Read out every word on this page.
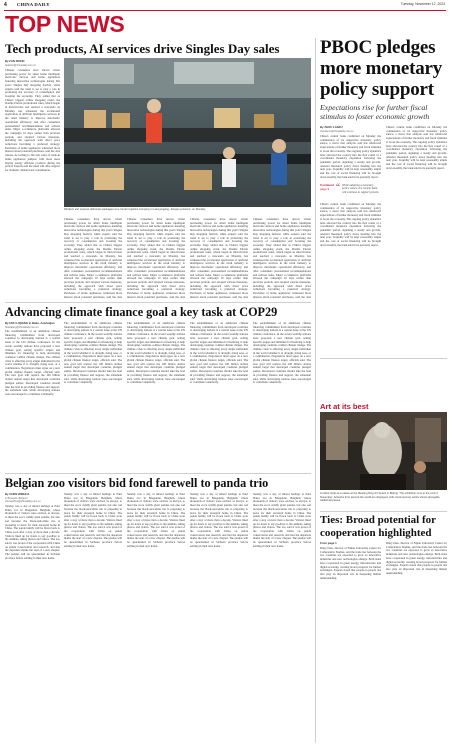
4 CHINA DAILY	Tuesday, November 12, 2024
TOP NEWS
Tech products, AI services drive Singles Day sales
By FAN FEIFEI
fanfeifei@chinadaily.com.cn
Chinese consumers have shown robust purchasing power for smart home intelligent electronic devices and home appliances featuring innovative technologies during this year's Singles Day shopping festival, while experts said the trend is set to play a role in promoting the recovery of consumption and boosting the economy. They added that as China's biggest online shopping event, the Double Eleven promotional sales, which began in mid-October and reached a crescendo on Monday, has witnessed the accelerated application of artificial intelligence services in the retail industry to improve merchants' operational efficiency, and offer consumers personalized recommendations and tedious tasks. Major e-commerce platforms allowed the campaign 10 days earlier than previous periods, and adopted various measures, including the approach with direct price reductions becoming a preferred strategy. Purchases of home appliances witnessed more interest about potential purchases, said the data release. According to JD.com, sales of trade-in home appliances jumped, with more users buying energy efficient products during the period. Experts said the trend will offer support for domestic demand and consumption.
Workers sort express deliveries packages at a courier logistics company in Lianyungang, Jiangsu province, on Monday.
Chinese consumers have shown robust purchasing power for smart home intelligent electronic devices and home appliances featuring innovative technologies during this year's Singles Day shopping festival, while experts said the trend is set to play a role in promoting the recovery of consumption and boosting the economy. They added that as China's biggest online shopping event, the Double Eleven promotional sales, which began in mid-October and reached a crescendo on Monday, has witnessed the accelerated application of artificial intelligence services in the retail industry to improve merchants' operational efficiency, and offer consumers personalized recommendations and tedious tasks. Major e-commerce platforms allowed the campaign 10 days earlier than previous periods, and adopted various measures, including the approach with direct price reductions becoming a preferred strategy. Purchases of home appliances witnessed more interest about potential purchases, said the data
Chinese consumers have shown robust purchasing power for smart home intelligent electronic devices and home appliances featuring innovative technologies during this year's Singles Day shopping festival, while experts said the trend is set to play a role in promoting the recovery of consumption and boosting the economy. They added that as China's biggest online shopping event, the Double Eleven promotional sales, which began in mid-October and reached a crescendo on Monday, has witnessed the accelerated application of artificial intelligence services in the retail industry to improve merchants' operational efficiency, and offer consumers personalized recommendations and tedious tasks. Major e-commerce platforms allowed the campaign 10 days earlier than previous periods, and adopted various measures, including the approach with direct price reductions becoming a preferred strategy. Purchases of home appliances witnessed more interest about potential purchases, said the data
Chinese consumers have shown robust purchasing power for smart home intelligent electronic devices and home appliances featuring innovative technologies during this year's Singles Day shopping festival, while experts said the trend is set to play a role in promoting the recovery of consumption and boosting the economy. They added that as China's biggest online shopping event, the Double Eleven promotional sales, which began in mid-October and reached a crescendo on Monday, has witnessed the accelerated application of artificial intelligence services in the retail industry to improve merchants' operational efficiency, and offer consumers personalized recommendations and tedious tasks. Major e-commerce platforms allowed the campaign 10 days earlier than previous periods, and adopted various measures, including the approach with direct price reductions becoming a preferred strategy. Purchases of home appliances witnessed more interest about potential purchases, said the data
Chinese consumers have shown robust purchasing power for smart home intelligent electronic devices and home appliances featuring innovative technologies during this year's Singles Day shopping festival, while experts said the trend is set to play a role in promoting the recovery of consumption and boosting the economy. They added that as China's biggest online shopping event, the Double Eleven promotional sales, which began in mid-October and reached a crescendo on Monday, has witnessed the accelerated application of artificial intelligence services in the retail industry to improve merchants' operational efficiency, and offer consumers personalized recommendations and tedious tasks. Major e-commerce platforms allowed the campaign 10 days earlier than previous periods, and adopted various measures, including the approach with direct price reductions becoming a preferred strategy. Purchases of home appliances witnessed more interest about potential purchases, said the data
Advancing climate finance goal a key task at COP29
By HOU LIQIANG in Baku, Azerbaijan
houliqiang@chinadaily.com.cn
The establishment of an ambitious climate financing commitment from developed countries to developing nations is a central issue at the UN climate conference. In the recent wealthy nations have proposed a new climate goal, setting specific targets and timelines for financing to help developing countries combat climate change. The climate crisis is affecting every single individual in the world whether it is drought, rising seas, or a combination. Negotiators must agree on a new global climate finance target, officials said. The new goal will replace the 100 billion dollars annual target that developed countries pledged earlier. Developed countries should take the lead in providing finance and support, the statement said, while developing nations were encouraged to contribute voluntarily.
The establishment of an ambitious climate financing commitment from developed countries to developing nations is a central issue at the UN climate conference. In the recent wealthy nations have proposed a new climate goal, setting specific targets and timelines for financing to help developing countries combat climate change. The climate crisis is affecting every single individual in the world whether it is drought, rising seas, or a combination. Negotiators must agree on a new global climate finance target, officials said. The new goal will replace the 100 billion dollars annual target that developed countries pledged earlier. Developed countries should take the lead in providing finance and support, the statement said, while developing nations were encouraged to contribute voluntarily.
The establishment of an ambitious climate financing commitment from developed countries to developing nations is a central issue at the UN climate conference. In the recent wealthy nations have proposed a new climate goal, setting specific targets and timelines for financing to help developing countries combat climate change. The climate crisis is affecting every single individual in the world whether it is drought, rising seas, or a combination. Negotiators must agree on a new global climate finance target, officials said. The new goal will replace the 100 billion dollars annual target that developed countries pledged earlier. Developed countries should take the lead in providing finance and support, the statement said, while developing nations were encouraged to contribute voluntarily.
The establishment of an ambitious climate financing commitment from developed countries to developing nations is a central issue at the UN climate conference. In the recent wealthy nations have proposed a new climate goal, setting specific targets and timelines for financing to help developing countries combat climate change. The climate crisis is affecting every single individual in the world whether it is drought, rising seas, or a combination. Negotiators must agree on a new global climate finance target, officials said. The new goal will replace the 100 billion dollars annual target that developed countries pledged earlier. Developed countries should take the lead in providing finance and support, the statement said, while developing nations were encouraged to contribute voluntarily.
The establishment of an ambitious climate financing commitment from developed countries to developing nations is a central issue at the UN climate conference. In the recent wealthy nations have proposed a new climate goal, setting specific targets and timelines for financing to help developing countries combat climate change. The climate crisis is affecting every single individual in the world whether it is drought, rising seas, or a combination. Negotiators must agree on a new global climate finance target, officials said. The new goal will replace the 100 billion dollars annual target that developed countries pledged earlier. Developed countries should take the lead in providing finance and support, the statement said, while developing nations were encouraged to contribute voluntarily.
Belgian zoo visitors bid fond farewell to panda trio
By CHEN WEIHUA
in Brussels, Belgium
chenweihua@chinadaily.com.cn
Sunday was a day of mixed feelings at Pairi Daiza zoo in Brugelette, Belgium, where thousands of visitors were excited, as always, to meet the zoo's cuddly giant pandas, but also sad because the black-and-white trio is preparing to leave for their ancestral home in China. The panda family will be flown back to China soon after a stay of more than a decade. Visitors lined up for hours to say goodbye to the animals, taking photos and videos. The zoo said it was proud of the cooperation with China on panda conservation and research, and that the departure marks the start of a new chapter. The pandas will be quarantined in Sichuan province before settling in their new home.
Sunday was a day of mixed feelings at Pairi Daiza zoo in Brugelette, Belgium, where thousands of visitors were excited, as always, to meet the zoo's cuddly giant pandas, but also sad because the black-and-white trio is preparing to leave for their ancestral home in China. The panda family will be flown back to China soon after a stay of more than a decade. Visitors lined up for hours to say goodbye to the animals, taking photos and videos. The zoo said it was proud of the cooperation with China on panda conservation and research, and that the departure marks the start of a new chapter. The pandas will be quarantined in Sichuan province before settling in their new home.
Sunday was a day of mixed feelings at Pairi Daiza zoo in Brugelette, Belgium, where thousands of visitors were excited, as always, to meet the zoo's cuddly giant pandas, but also sad because the black-and-white trio is preparing to leave for their ancestral home in China. The panda family will be flown back to China soon after a stay of more than a decade. Visitors lined up for hours to say goodbye to the animals, taking photos and videos. The zoo said it was proud of the cooperation with China on panda conservation and research, and that the departure marks the start of a new chapter. The pandas will be quarantined in Sichuan province before settling in their new home.
Sunday was a day of mixed feelings at Pairi Daiza zoo in Brugelette, Belgium, where thousands of visitors were excited, as always, to meet the zoo's cuddly giant pandas, but also sad because the black-and-white trio is preparing to leave for their ancestral home in China. The panda family will be flown back to China soon after a stay of more than a decade. Visitors lined up for hours to say goodbye to the animals, taking photos and videos. The zoo said it was proud of the cooperation with China on panda conservation and research, and that the departure marks the start of a new chapter. The pandas will be quarantined in Sichuan province before settling in their new home.
Sunday was a day of mixed feelings at Pairi Daiza zoo in Brugelette, Belgium, where thousands of visitors were excited, as always, to meet the zoo's cuddly giant pandas, but also sad because the black-and-white trio is preparing to leave for their ancestral home in China. The panda family will be flown back to China soon after a stay of more than a decade. Visitors lined up for hours to say goodbye to the animals, taking photos and videos. The zoo said it was proud of the cooperation with China on panda conservation and research, and that the departure marks the start of a new chapter. The pandas will be quarantined in Sichuan province before settling in their new home.
PBOC pledges more monetary policy support
Expectations rise for further fiscal stimulus to foster economic growth
By ZHOU LANXU
zhoulanxu@chinadaily.com.cn
China's central bank confirmed on Monday the continuation of its supportive monetary policy stance, a move that analysts said has reinforced expectations of further monetary and fiscal stimulus to boost the economy. The ongoing policy dynamics have attracted the country into the first round of a coordinated monetary expansion following the pandemic period, signaling a steady and growth-oriented measured policy move heading into the next year. Liquidity will be kept reasonably ample and the cost of social financing will be brought down steadily, the bank said in its quarterly report.
China's central bank confirmed on Monday the continuation of its supportive monetary policy stance, a move that analysts said has reinforced expectations of further monetary and fiscal stimulus to boost the economy. The ongoing policy dynamics have attracted the country into the first round of a coordinated monetary expansion following the pandemic period, signaling a steady and growth-oriented measured policy move heading into the next year. Liquidity will be kept reasonably ample and the cost of social financing will be brought down steadily, the bank said in its quarterly report.
Comment
page 9 “ While adopting a monetary policy stance, the central bank will continue to support growth.
China's central bank confirmed on Monday the continuation of its supportive monetary policy stance, a move that analysts said has reinforced expectations of further monetary and fiscal stimulus to boost the economy. The ongoing policy dynamics have attracted the country into the first round of a coordinated monetary expansion following the pandemic period, signaling a steady and growth-oriented measured policy move heading into the next year. Liquidity will be kept reasonably ample and the cost of social financing will be brought down steadily, the bank said in its quarterly report.
Art at its best
A visitor looks at a statue at the Meeting Ning Art Space in Beijing. The exhibition runs to the end of November. Artworks from around the world are displayed, with contemporary works shown alongside traditional pieces.
Ties: Broad potential for cooperation highlighted
From page 1
Ding Chen, director of Fujian University Center for Comparative Studies, said the trade ties between the two countries are expected to grow as innovative industries and new technologies emerge. Both sides have cooperated in green energy, infrastructure and digital economy, creating broad prospects for further exchanges. Experts noted that people-to-people ties also play an important role in deepening mutual understanding.
Ding Chen, director of Fujian University Center for Comparative Studies, said the trade ties between the two countries are expected to grow as innovative industries and new technologies emerge. Both sides have cooperated in green energy, infrastructure and digital economy, creating broad prospects for further exchanges. Experts noted that people-to-people ties also play an important role in deepening mutual understanding.
